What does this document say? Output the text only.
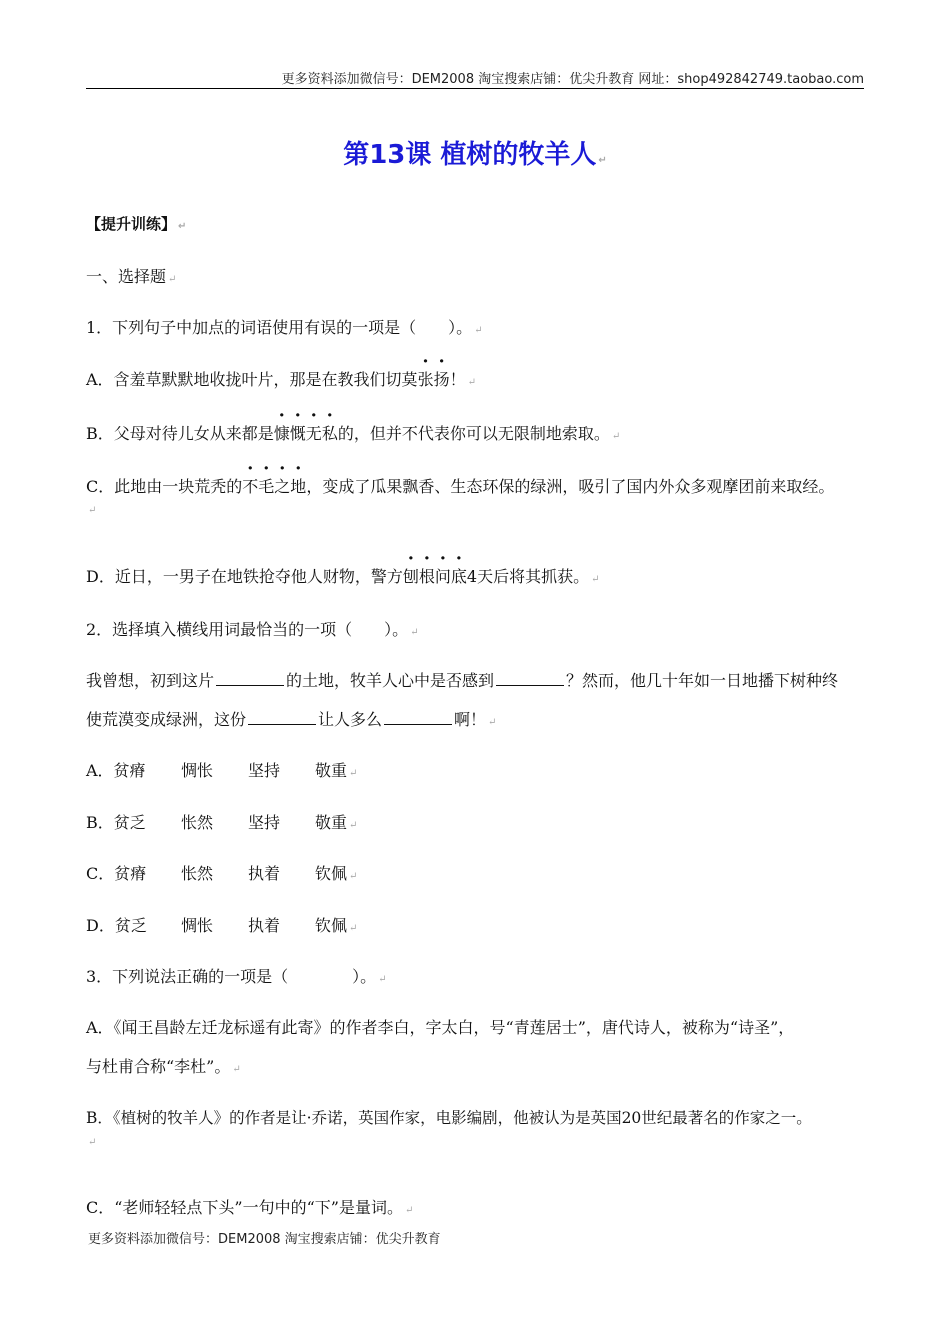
更多资料添加微信号：DEM2008 淘宝搜索店铺：优尖升教育 网址：shop492842749.taobao.com
第13课 植树的牧羊人 ↵
【提升训练】 ↵
一、选择题 ↵
1．下列句子中加点的词语使用有误的一项是（　　）。 ↵
A．含羞草默默地收拢叶片，那是在教我们切莫张扬！ ↵
B．父母对待儿女从来都是慷慨无私的，但并不代表你可以无限制地索取。 ↵
C．此地由一块荒秃的不毛之地，变成了瓜果飘香、生态环保的绿洲，吸引了国内外众多观摩团前来取经。
↵
D．近日，一男子在地铁抢夺他人财物，警方刨根问底4天后将其抓获。 ↵
2．选择填入横线用词最恰当的一项（　　）。 ↵
我曾想，初到这片	的土地，牧羊人心中是否感到	？然而，他几十年如一日地播下树种终
使荒漠变成绿洲，这份	让人多么	啊！ ↵
A．贫瘠 惆怅 坚持 敬重 ↵
B．贫乏 怅然 坚持 敬重 ↵
C．贫瘠 怅然 执着 钦佩 ↵
D．贫乏 惆怅 执着 钦佩 ↵
3．下列说法正确的一项是（　　　　）。 ↵
A．《闻王昌龄左迁龙标遥有此寄》的作者李白，字太白，号“青莲居士”，唐代诗人，被称为“诗圣”，
与杜甫合称“李杜”。 ↵
B．《植树的牧羊人》的作者是让·乔诺，英国作家，电影编剧，他被认为是英国20世纪最著名的作家之一。
↵
C．“老师轻轻点下头”一句中的“下”是量词。 ↵
更多资料添加微信号：DEM2008 淘宝搜索店铺：优尖升教育
